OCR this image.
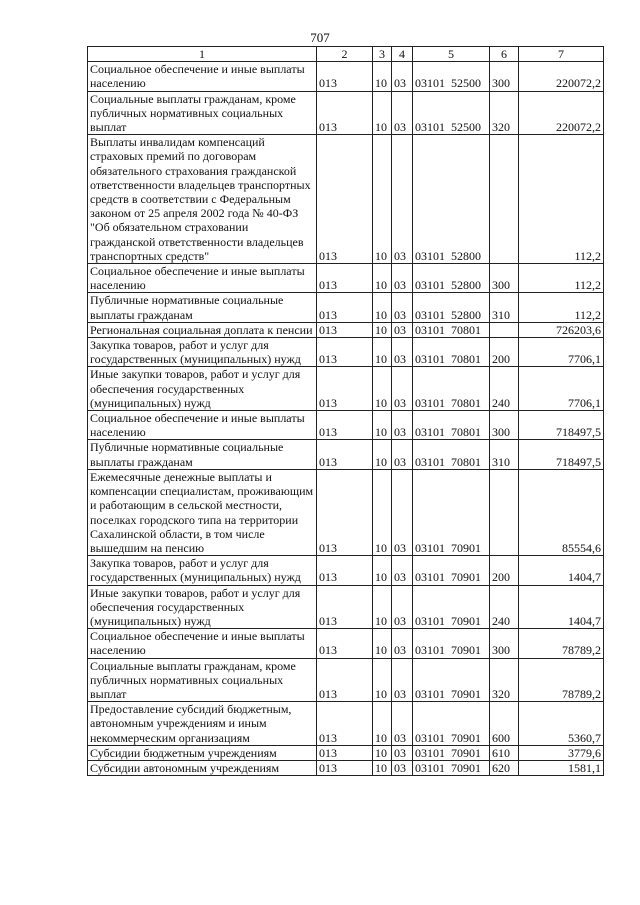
707
1	2	3	4	5	6	7
Социальное обеспечение и иные выплаты населению	013	10	03	03101  52500	300	220072,2
Социальные выплаты гражданам, кроме публичных нормативных социальных выплат	013	10	03	03101  52500	320	220072,2
Выплаты инвалидам компенсаций страховых премий по договорам обязательного страхования гражданской ответственности владельцев транспортных средств в соответствии с Федеральным законом от 25 апреля 2002 года № 40-ФЗ "Об обязательном страховании гражданской ответственности владельцев транспортных средств"	013	10	03	03101  52800		112,2
Социальное обеспечение и иные выплаты населению	013	10	03	03101  52800	300	112,2
Публичные нормативные социальные выплаты гражданам	013	10	03	03101  52800	310	112,2
Региональная социальная доплата к пенсии	013	10	03	03101  70801		726203,6
Закупка товаров, работ и услуг для государственных (муниципальных) нужд	013	10	03	03101  70801	200	7706,1
Иные закупки товаров, работ и услуг для обеспечения государственных (муниципальных) нужд	013	10	03	03101  70801	240	7706,1
Социальное обеспечение и иные выплаты населению	013	10	03	03101  70801	300	718497,5
Публичные нормативные социальные выплаты гражданам	013	10	03	03101  70801	310	718497,5
Ежемесячные денежные выплаты и компенсации специалистам, проживающим и работающим в сельской местности, поселках городского типа на территории Сахалинской области, в том числе вышедшим на пенсию	013	10	03	03101  70901		85554,6
Закупка товаров, работ и услуг для государственных (муниципальных) нужд	013	10	03	03101  70901	200	1404,7
Иные закупки товаров, работ и услуг для обеспечения государственных (муниципальных) нужд	013	10	03	03101  70901	240	1404,7
Социальное обеспечение и иные выплаты населению	013	10	03	03101  70901	300	78789,2
Социальные выплаты гражданам, кроме публичных нормативных социальных выплат	013	10	03	03101  70901	320	78789,2
Предоставление субсидий бюджетным, автономным учреждениям и иным некоммерческим организациям	013	10	03	03101  70901	600	5360,7
Субсидии бюджетным учреждениям	013	10	03	03101  70901	610	3779,6
Субсидии автономным учреждениям	013	10	03	03101  70901	620	1581,1
